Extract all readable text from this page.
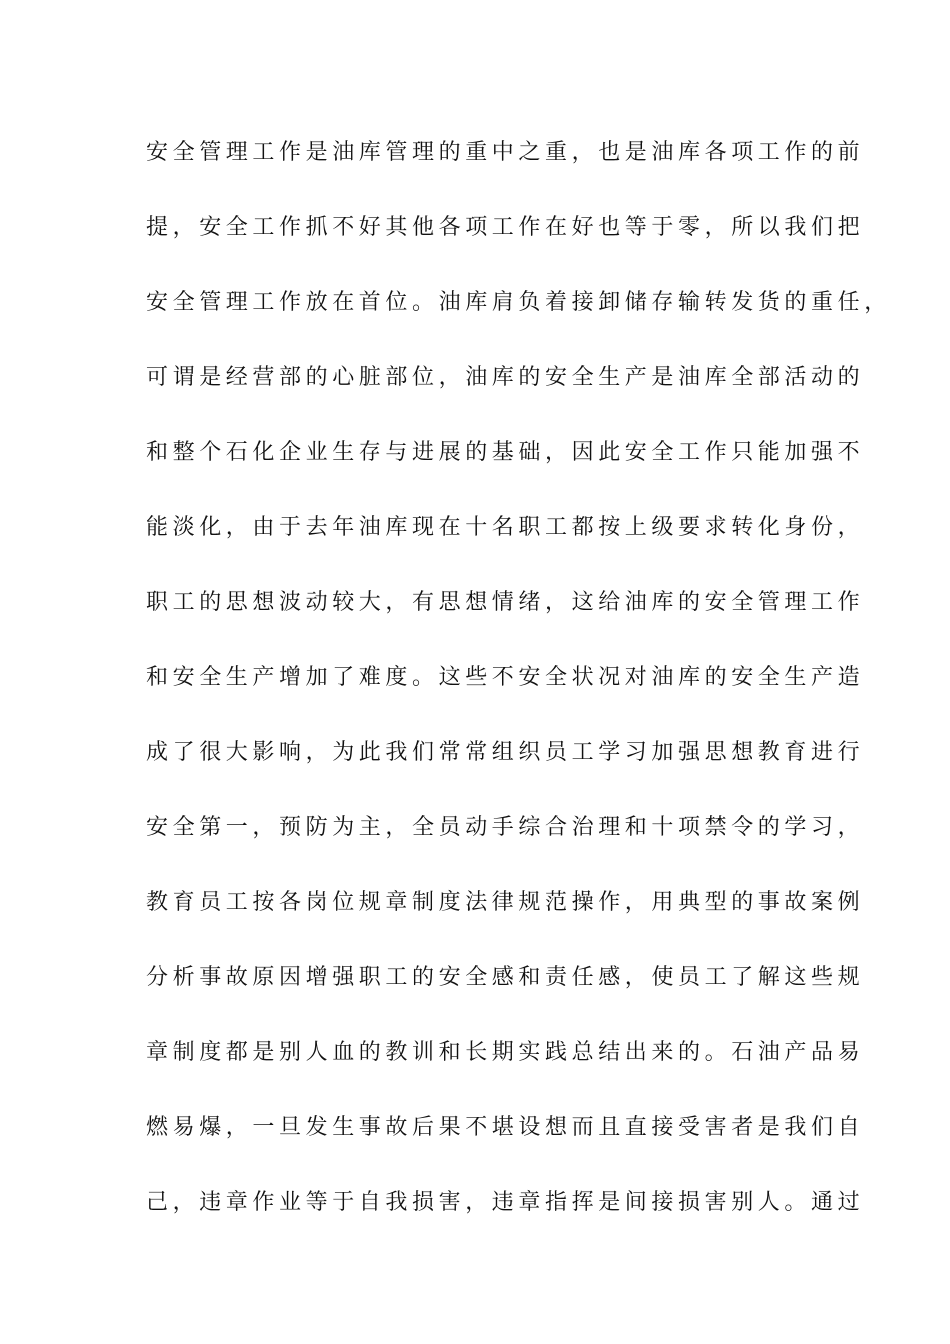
安全管理工作是油库管理的重中之重，也是油库各项工作的前
提，安全工作抓不好其他各项工作在好也等于零，所以我们把
安全管理工作放在首位。油库肩负着接卸储存输转发货的重任，
可谓是经营部的心脏部位，油库的安全生产是油库全部活动的
和整个石化企业生存与进展的基础，因此安全工作只能加强不
能淡化，由于去年油库现在十名职工都按上级要求转化身份，
职工的思想波动较大，有思想情绪，这给油库的安全管理工作
和安全生产增加了难度。这些不安全状况对油库的安全生产造
成了很大影响，为此我们常常组织员工学习加强思想教育进行
安全第一，预防为主，全员动手综合治理和十项禁令的学习，
教育员工按各岗位规章制度法律规范操作，用典型的事故案例
分析事故原因增强职工的安全感和责任感，使员工了解这些规
章制度都是别人血的教训和长期实践总结出来的。石油产品易
燃易爆，一旦发生事故后果不堪设想而且直接受害者是我们自
己，违章作业等于自我损害，违章指挥是间接损害别人。通过
